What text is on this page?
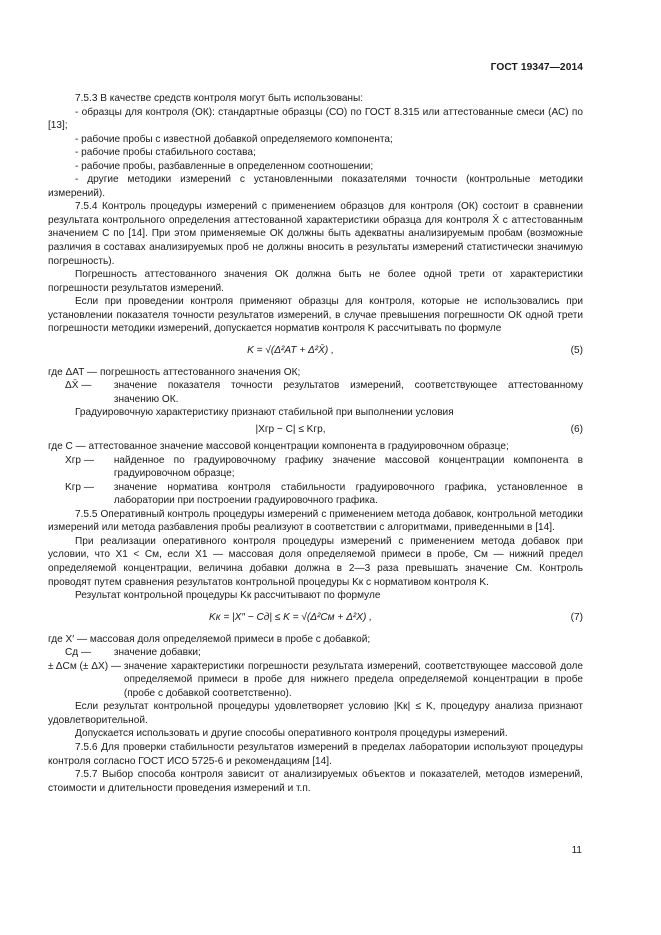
ГОСТ 19347—2014

7.5.3 В качестве средств контроля могут быть использованы:

- образцы для контроля (ОК): стандартные образцы (СО) по ГОСТ 8.315 или аттестованные смеси (АС) по [13];

- рабочие пробы с известной добавкой определяемого компонента;

- рабочие пробы стабильного состава;

- рабочие пробы, разбавленные в определенном соотношении;

- другие методики измерений с установленными показателями точности (контрольные методики измерений).

7.5.4 Контроль процедуры измерений с применением образцов для контроля (ОК) состоит в сравнении результата контрольного определения аттестованной характеристики образца для контроля X̄ с аттестованным значением C по [14]. При этом применяемые ОК должны быть адекватны анализируемым пробам (возможные различия в составах анализируемых проб не должны вносить в результаты измерений статистически значимую погрешность).

Погрешность аттестованного значения ОК должна быть не более одной трети от характеристики погрешности результатов измерений.

Если при проведении контроля применяют образцы для контроля, которые не использовались при установлении показателя точности результатов измерений, в случае превышения погрешности ОК одной трети погрешности методики измерений, допускается норматив контроля K рассчитывать по формуле

K = √(Δ²AT + Δ²X̄) ,	(5)
где ΔAT —
погрешность аттестованного значения ОК;
ΔX̄ —
	значение показателя точности результатов измерений, соответствующее аттестованному значению ОК.

Градуировочную характеристику признают стабильной при выполнении условия

|Xгр − C| ≤ Kгр,	(6)
где C —
аттестованное значение массовой концентрации компонента в градуировочном образце;
Xгр —
	найденное по градуировочному графику значение массовой концентрации компонента в градуировочном образце;
Kгр —
	значение норматива контроля стабильности градуировочного графика, установленное в лаборатории при построении градуировочного графика.

7.5.5 Оперативный контроль процедуры измерений с применением метода добавок, контрольной методики измерений или метода разбавления пробы реализуют в соответствии с алгоритмами, приведенными в [14].

При реализации оперативного контроля процедуры измерений с применением метода добавок при условии, что X1 < Cм, если X1 — массовая доля определяемой примеси в пробе, Cм — нижний предел определяемой концентрации, величина добавки должна в 2—3 раза превышать значение Cм. Контроль проводят путем сравнения результатов контрольной процедуры Kк с нормативом контроля K.

Результат контрольной процедуры Kк рассчитывают по формуле

Kк = |X″ − Cд| ≤ K = √(Δ²Cм + Δ²X) ,	(7)
где X′ —
массовая доля определяемой примеси в пробе с добавкой;
Cд —
	значение добавки;
± ΔCм (± ΔX) —
значение характеристики погрешности результата измерений, соответствующее массовой доле определяемой примеси в пробе для нижнего предела определяемой концентрации в пробе (пробе с добавкой соответственно).

Если результат контрольной процедуры удовлетворяет условию |Kк| ≤ K, процедуру анализа признают удовлетворительной.

Допускается использовать и другие способы оперативного контроля процедуры измерений.

7.5.6 Для проверки стабильности результатов измерений в пределах лаборатории используют процедуры контроля согласно ГОСТ ИСО 5725-6 и рекомендациям [14].

7.5.7 Выбор способа контроля зависит от анализируемых объектов и показателей, методов измерений, стоимости и длительности проведения измерений и т.п.

11
